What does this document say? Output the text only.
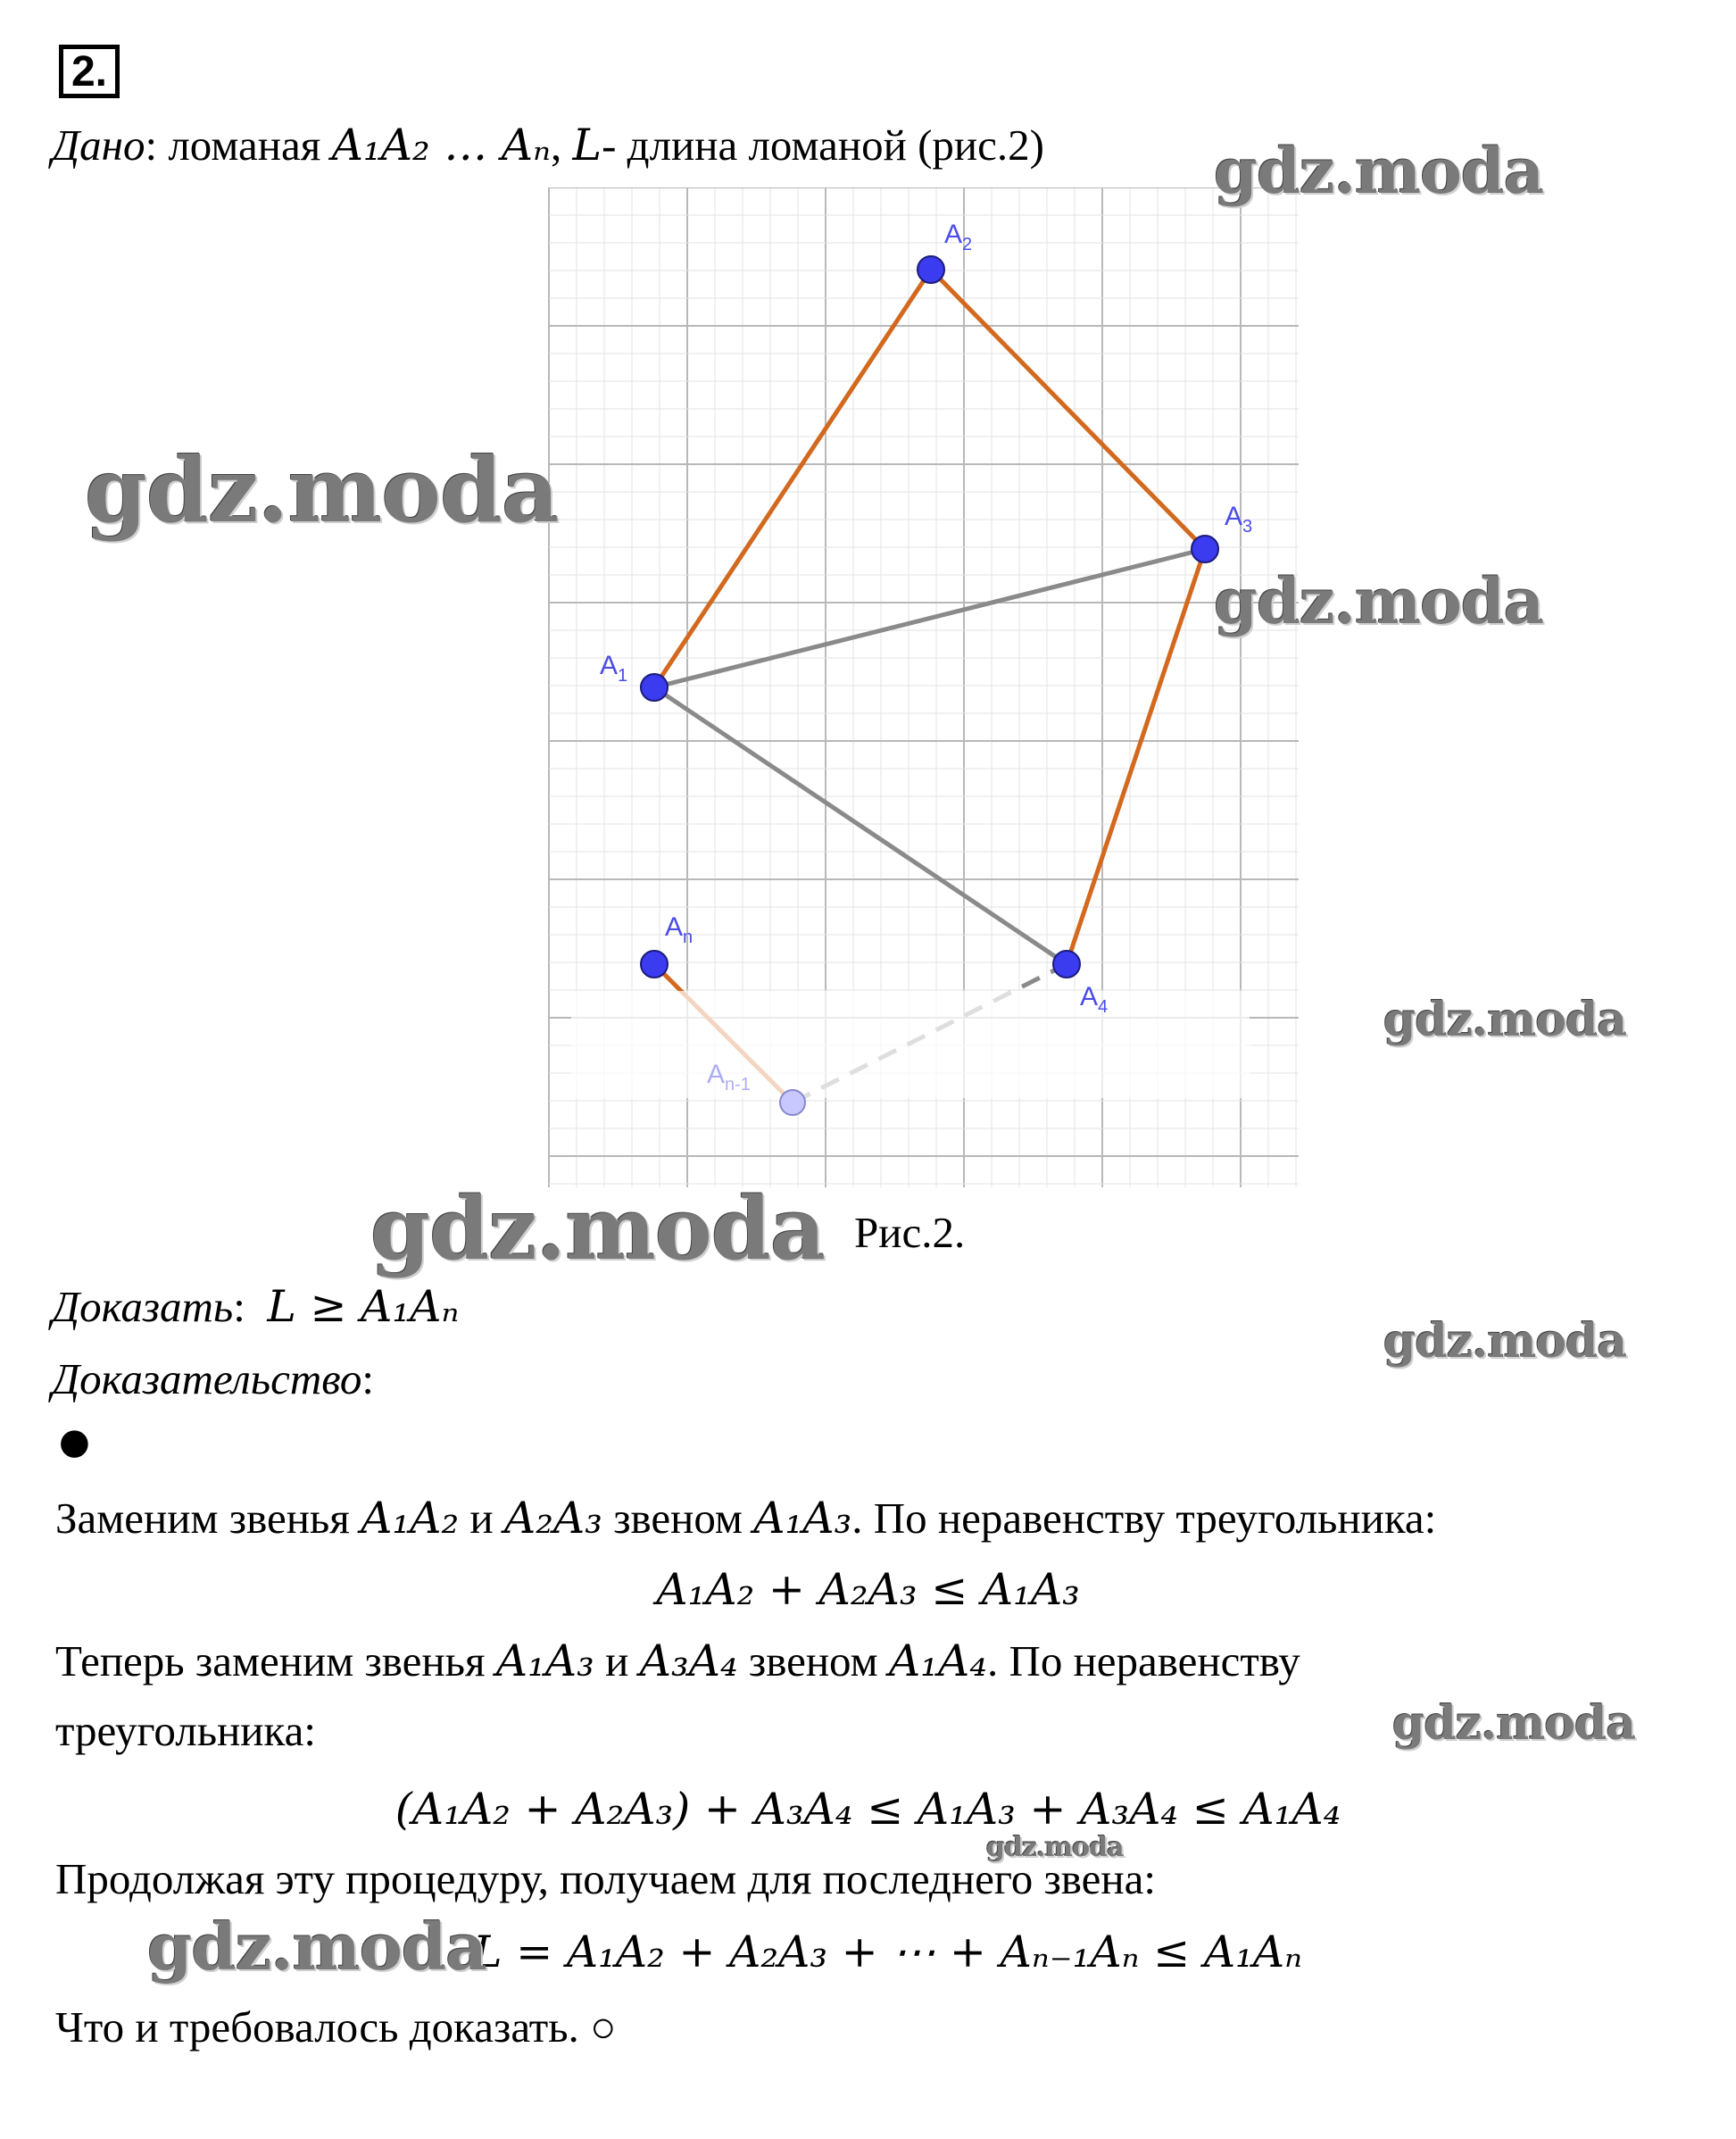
2.
Дано: ломаная A₁A₂ … Aₙ, L- длина ломаной (рис.2)
$A_1$
$A_2$
$A_3$
$A_4$
$A_n$
$A_{n-1}$
Рис.2.
Доказать:  L ≥ A₁Aₙ
Доказательство:
●
Заменим звенья A₁A₂ и A₂A₃ звеном A₁A₃. По неравенству треугольника:
A₁A₂ + A₂A₃ ≤ A₁A₃
Теперь заменим звенья A₁A₃ и A₃A₄ звеном A₁A₄. По неравенству
треугольника:
(A₁A₂ + A₂A₃) + A₃A₄ ≤ A₁A₃ + A₃A₄ ≤ A₁A₄
Продолжая эту процедуру, получаем для последнего звена:
L = A₁A₂ + A₂A₃ + ⋯ + Aₙ₋₁Aₙ ≤ A₁Aₙ
Что и требовалось доказать. ○
gdz.moda
gdz.moda
gdz.moda
gdz.moda
gdz.moda
gdz.moda
gdz.moda
gdz.moda
gdz.moda
